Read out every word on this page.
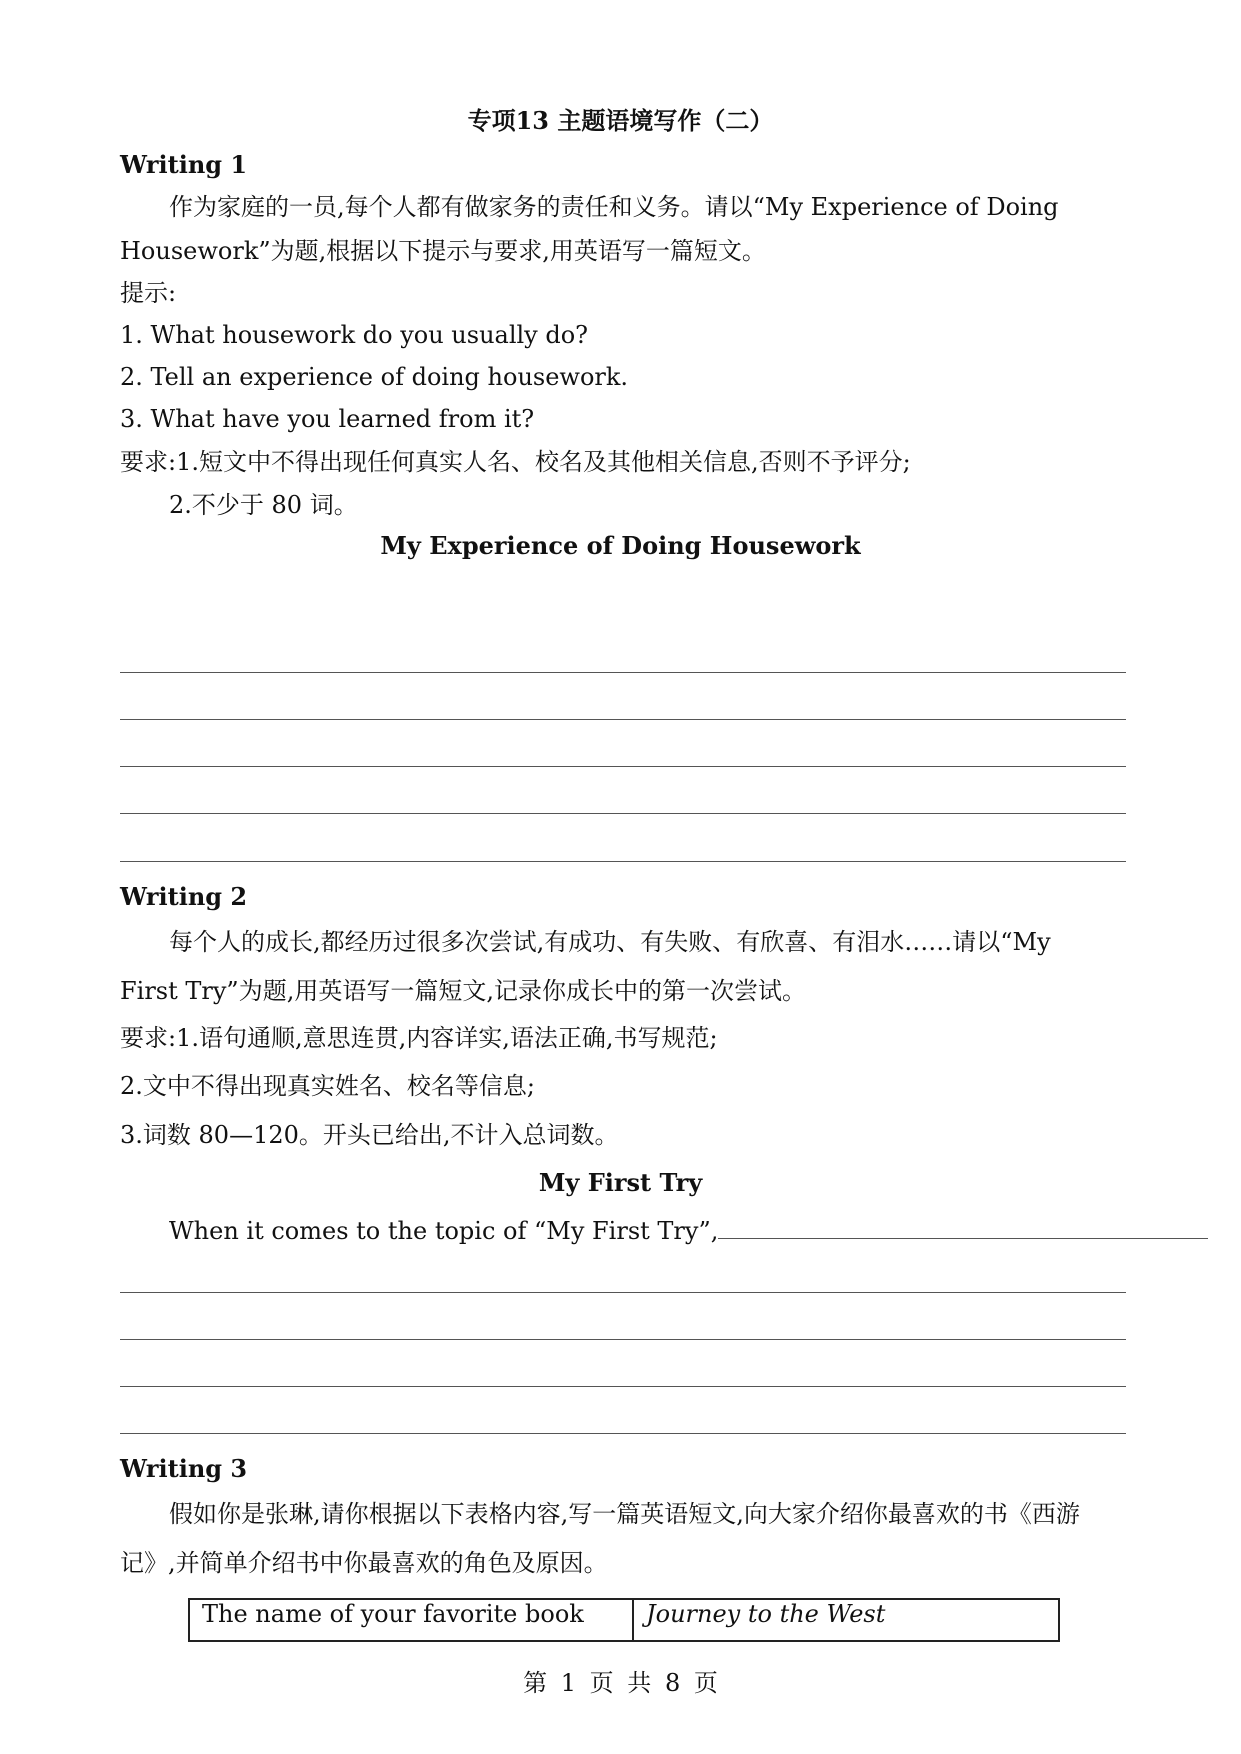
专项13 主题语境写作（二）
Writing 1
作为家庭的一员,每个人都有做家务的责任和义务。请以“My Experience of Doing
Housework”为题,根据以下提示与要求,用英语写一篇短文。
提示:
1. What housework do you usually do?
2. Tell an experience of doing housework.
3. What have you learned from it?
要求:1.短文中不得出现任何真实人名、校名及其他相关信息,否则不予评分;
2.不少于 80 词。
My Experience of Doing Housework
Writing 2
每个人的成长,都经历过很多次尝试,有成功、有失败、有欣喜、有泪水……请以“My
First Try”为题,用英语写一篇短文,记录你成长中的第一次尝试。
要求:1.语句通顺,意思连贯,内容详实,语法正确,书写规范;
2.文中不得出现真实姓名、校名等信息;
3.词数 80—120。开头已给出,不计入总词数。
My First Try
When it comes to the topic of “My First Try”,
Writing 3
假如你是张琳,请你根据以下表格内容,写一篇英语短文,向大家介绍你最喜欢的书《西游
记》,并简单介绍书中你最喜欢的角色及原因。
The name of your favorite book	Journey to the West
第 1 页 共 8 页
